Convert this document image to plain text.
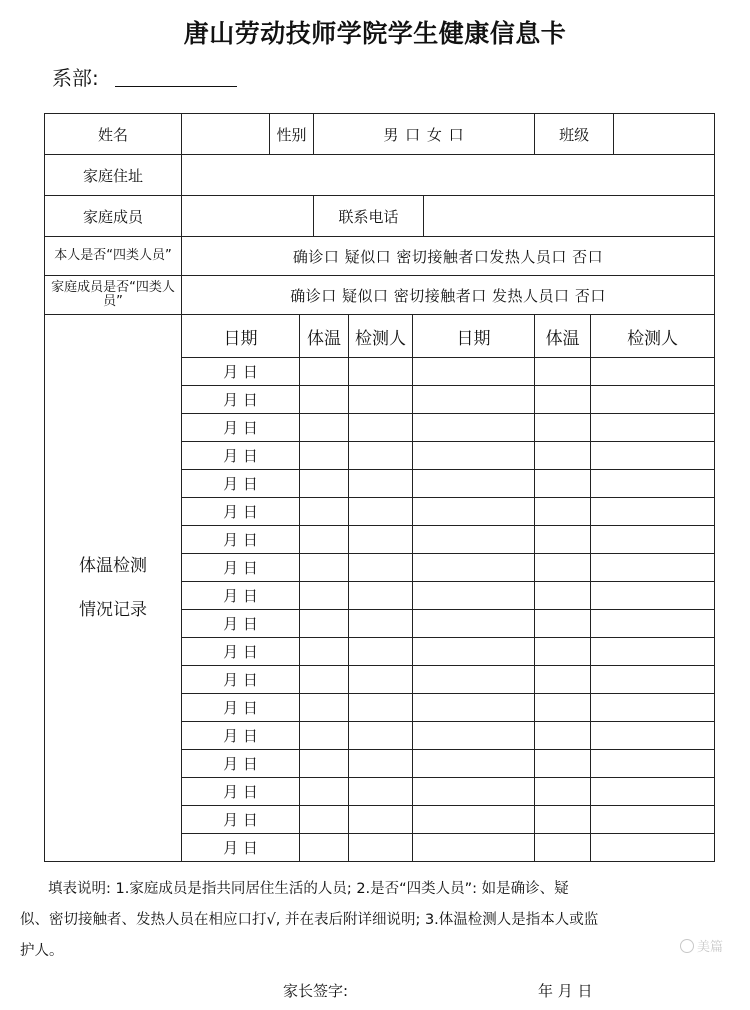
唐山劳动技师学院学生健康信息卡
系部:
姓名		性别		男 口 女 口				班级		
家庭住址										
家庭成员				联系电话						
本人是否“四类人员”	确诊口 疑似口 密切接触者口发热人员口 否口									
家庭成员是否“四类人员”	确诊口 疑似口 密切接触者口 发热人员口 否口									

体温检测
情况记录	日期		体温		检测人	日期		体温	检测人	
	月 日									
	月 日									
	月 日									
	月 日									
	月 日									
	月 日									
	月 日									
	月 日									
	月 日									
	月 日									
	月 日									
	月 日									
	月 日									
	月 日									
	月 日									
	月 日									
	月 日									
	月 日									
填表说明: 1.家庭成员是指共同居住生活的人员; 2.是否“四类人员”: 如是确诊、疑
似、密切接触者、发热人员在相应口打√, 并在表后附详细说明; 3.体温检测人是指本人或监
护人。
家长签字:	年 月 日
美篇
